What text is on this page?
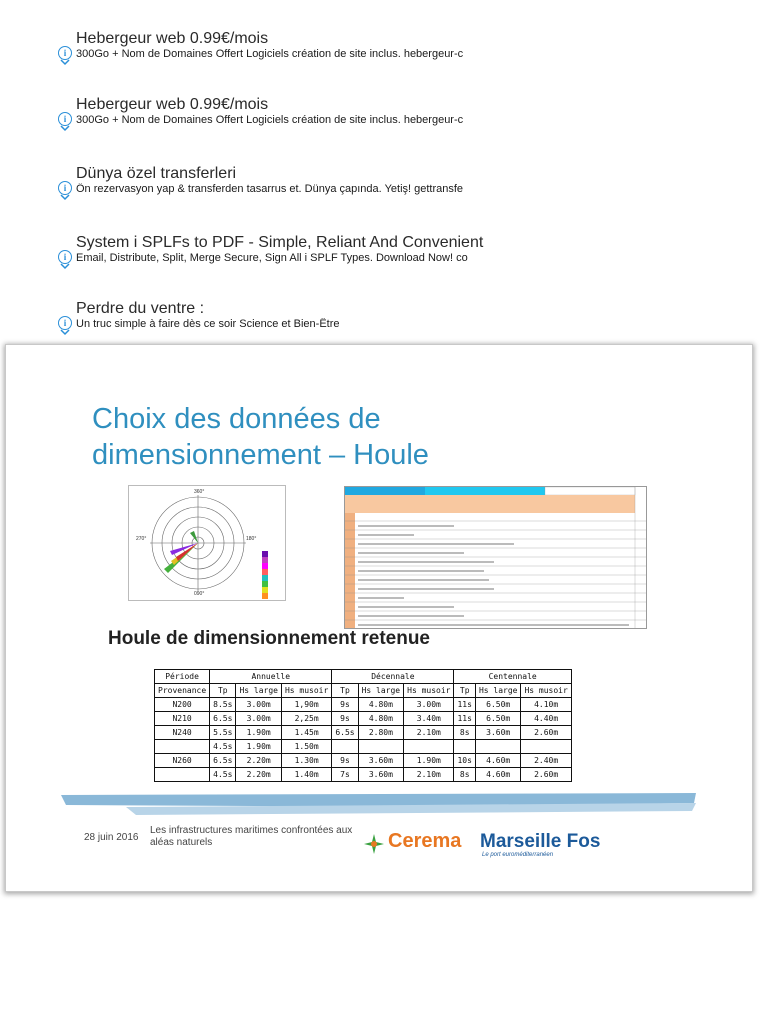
Hebergeur web 0.99€/mois
i 300Go + Nom de Domaines Offert Logiciels création de site inclus. hebergeur-c
Hebergeur web 0.99€/mois
i 300Go + Nom de Domaines Offert Logiciels création de site inclus. hebergeur-c
Dünya özel transferleri
i Ön rezervasyon yap & transferden tasarrus et. Dünya çapında. Yetiş! gettransfe
System i SPLFs to PDF - Simple, Reliant And Convenient
i Email, Distribute, Split, Merge Secure, Sign All i SPLF Types. Download Now! co
Perdre du ventre :
i Un truc simple à faire dès ce soir Science et Bien-Être
Choix des données de
dimensionnement – Houle
360°
180°
270°
090°
Houle de dimensionnement retenue
Période	Annuelle			Décennale			Centennale		
Provenance	Tp	Hs large	Hs musoir	Tp	Hs large	Hs musoir	Tp	Hs large	Hs musoir
N200	8.5s	3.00m	1,90m	9s	4.80m	3.00m	11s	6.50m	4.10m
N210	6.5s	3.00m	2,25m	9s	4.80m	3.40m	11s	6.50m	4.40m
N240	5.5s	1.90m	1.45m	6.5s	2.80m	2.10m	8s	3.60m	2.60m
	4.5s	1.90m	1.50m						
N260	6.5s	2.20m	1.30m	9s	3.60m	1.90m	10s	4.60m	2.40m
	4.5s	2.20m	1.40m	7s	3.60m	2.10m	8s	4.60m	2.60m
28 juin 2016
Les infrastructures maritimes confrontées aux aléas naturels	Cerema Marseille Fos
Le port euroméditerranéen
